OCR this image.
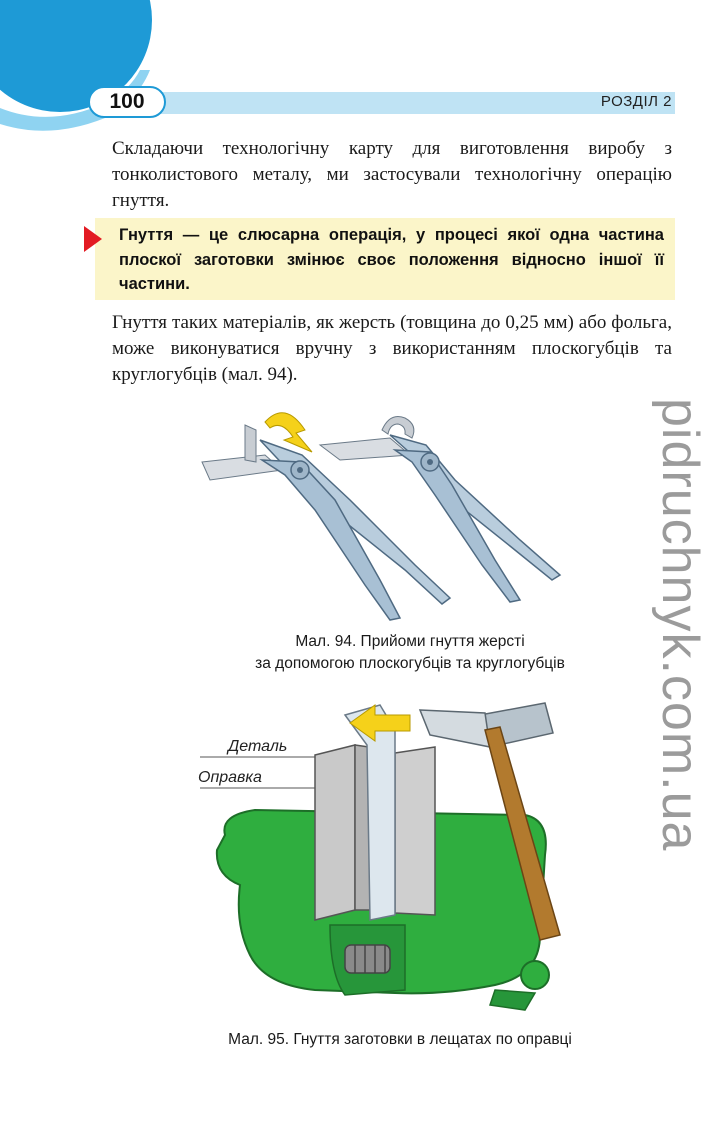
100	РОЗДІЛ 2
Складаючи технологічну карту для виготовлення виробу з тонколистового металу, ми застосували технологічну операцію гнуття.
Гнуття — це слюсарна операція, у процесі якої одна частина плоскої заготовки змінює своє положення відносно іншої її частини.
Гнуття таких матеріалів, як жерсть (товщина до 0,25 мм) або фольга, може виконуватися вручну з використанням плоскогубців та круглогубців (мал. 94).
pidruchnyk.com.ua
Мал. 94. Прийоми гнуття жерсті
за допомогою плоскогубців та круглогубців
Деталь
Оправка
Мал. 95. Гнуття заготовки в лещатах по оправці
